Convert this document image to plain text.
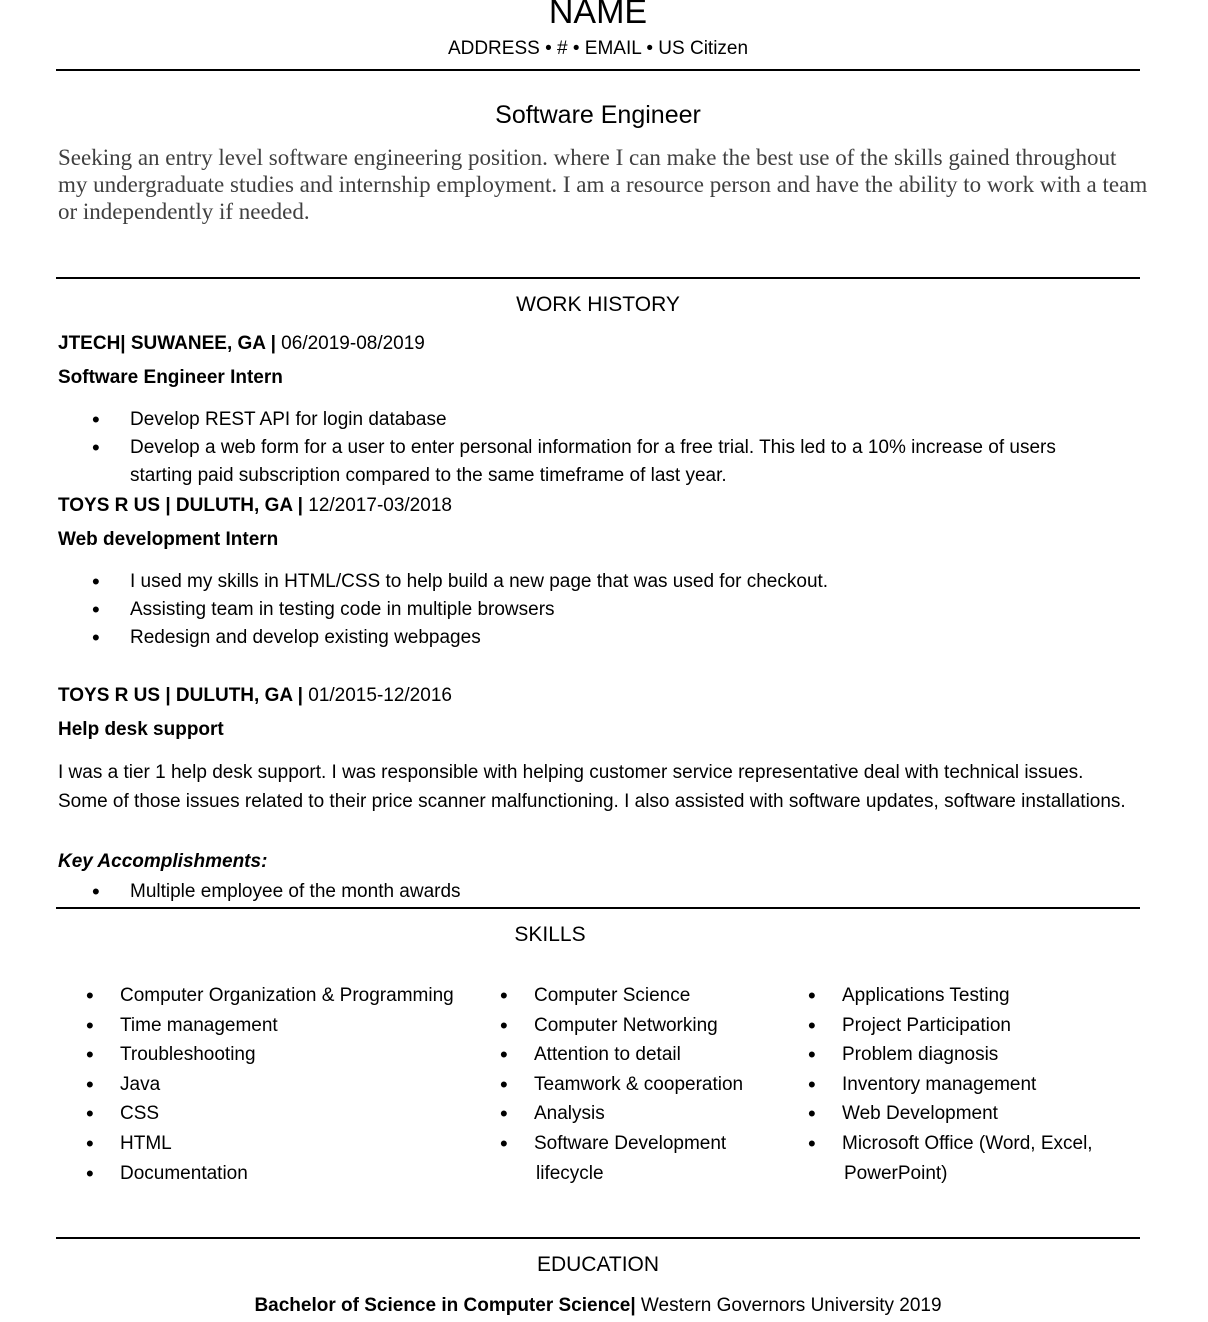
NAME
ADDRESS • # • EMAIL • US Citizen
Software Engineer
Seeking an entry level software engineering position. where I can make the best use of the skills gained throughout my undergraduate studies and internship employment. I am a resource person and have the ability to work with a team or independently if needed.
WORK HISTORY
JTECH| SUWANEE, GA | 06/2019-08/2019
Software Engineer Intern
• Develop REST API for login database
• Develop a web form for a user to enter personal information for a free trial. This led to a 10% increase of users starting paid subscription compared to the same timeframe of last year.
TOYS R US | DULUTH, GA | 12/2017-03/2018
Web development Intern
• I used my skills in HTML/CSS to help build a new page that was used for checkout.
• Assisting team in testing code in multiple browsers
• Redesign and develop existing webpages
TOYS R US | DULUTH, GA | 01/2015-12/2016
Help desk support
I was a tier 1 help desk support. I was responsible with helping customer service representative deal with technical issues. Some of those issues related to their price scanner malfunctioning. I also assisted with software updates, software installations.
Key Accomplishments:
• Multiple employee of the month awards
SKILLS
• Computer Organization & Programming
• Time management
• Troubleshooting
• Java
• CSS
• HTML
• Documentation
• Computer Science
• Computer Networking
• Attention to detail
• Teamwork & cooperation
• Analysis
• Software Development
lifecycle
• Applications Testing
• Project Participation
• Problem diagnosis
• Inventory management
• Web Development
• Microsoft Office (Word, Excel,
PowerPoint)
EDUCATION
Bachelor of Science in Computer Science| Western Governors University 2019
